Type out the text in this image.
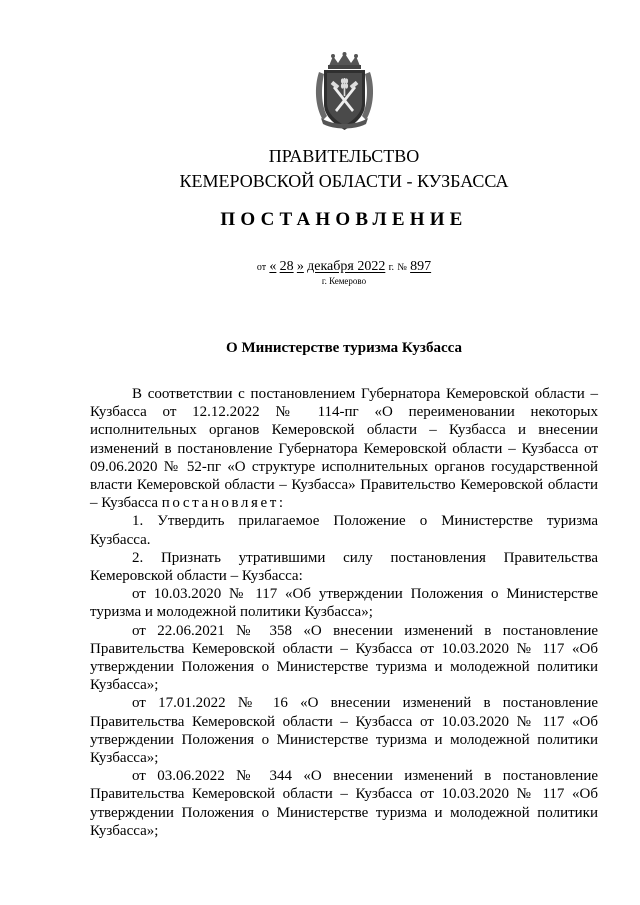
ПРАВИТЕЛЬСТВО
КЕМЕРОВСКОЙ ОБЛАСТИ - КУЗБАССА
ПОСТАНОВЛЕНИЕ
от « 28 » декабря 2022 г. № 897
г. Кемерово
О Министерстве туризма Кузбасса

В соответствии с постановлением Губернатора Кемеровской области – Кузбасса от 12.12.2022 № 114-пг «О переименовании некоторых исполнительных органов Кемеровской области – Кузбасса и внесении изменений в постановление Губернатора Кемеровской области – Кузбасса от 09.06.2020 № 52-пг «О структуре исполнительных органов государственной власти Кемеровской области – Кузбасса» Правительство Кемеровской области – Кузбасса постановляет:

1. Утвердить прилагаемое Положение о Министерстве туризма Кузбасса.

2. Признать утратившими силу постановления Правительства Кемеровской области – Кузбасса:

от 10.03.2020 № 117 «Об утверждении Положения о Министерстве туризма и молодежной политики Кузбасса»;

от 22.06.2021 № 358 «О внесении изменений в постановление Правительства Кемеровской области – Кузбасса от 10.03.2020 № 117 «Об утверждении Положения о Министерстве туризма и молодежной политики Кузбасса»;

от 17.01.2022 № 16 «О внесении изменений в постановление Правительства Кемеровской области – Кузбасса от 10.03.2020 № 117 «Об утверждении Положения о Министерстве туризма и молодежной политики Кузбасса»;

от 03.06.2022 № 344 «О внесении изменений в постановление Правительства Кемеровской области – Кузбасса от 10.03.2020 № 117 «Об утверждении Положения о Министерстве туризма и молодежной политики Кузбасса»;
